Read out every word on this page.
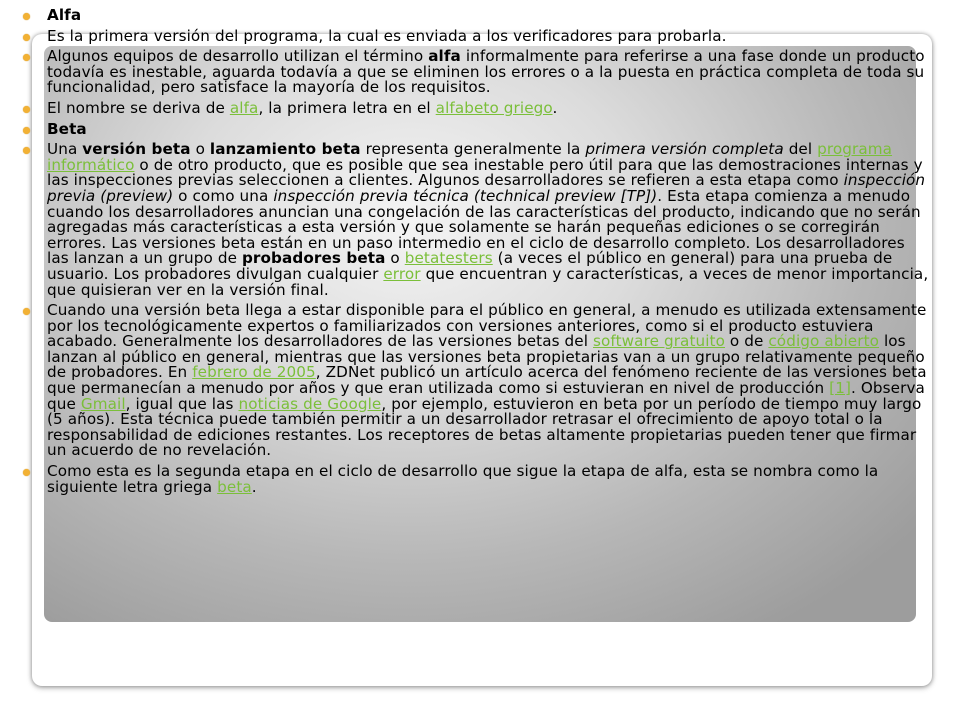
Alfa
Es la primera versión del programa, la cual es enviada a los verificadores para probarla.
Algunos equipos de desarrollo utilizan el término alfa informalmente para referirse a una fase donde un producto todavía es inestable, aguarda todavía a que se eliminen los errores o a la puesta en práctica completa de toda su funcionalidad, pero satisface la mayoría de los requisitos.
El nombre se deriva de alfa, la primera letra en el alfabeto griego.
Beta
Una versión beta o lanzamiento beta representa generalmente la primera versión completa del programa informático o de otro producto, que es posible que sea inestable pero útil para que las demostraciones internas y las inspecciones previas seleccionen a clientes. Algunos desarrolladores se refieren a esta etapa como inspección previa (preview) o como una inspección previa técnica (technical preview [TP]). Esta etapa comienza a menudo cuando los desarrolladores anuncian una congelación de las características del producto, indicando que no serán agregadas más características a esta versión y que solamente se harán pequeñas ediciones o se corregirán errores. Las versiones beta están en un paso intermedio en el ciclo de desarrollo completo. Los desarrolladores las lanzan a un grupo de probadores beta o betatesters (a veces el público en general) para una prueba de usuario. Los probadores divulgan cualquier error que encuentran y características, a veces de menor importancia, que quisieran ver en la versión final.
Cuando una versión beta llega a estar disponible para el público en general, a menudo es utilizada extensamente por los tecnológicamente expertos o familiarizados con versiones anteriores, como si el producto estuviera acabado. Generalmente los desarrolladores de las versiones betas del software gratuito o de código abierto los lanzan al público en general, mientras que las versiones beta propietarias van a un grupo relativamente pequeño de probadores. En febrero de 2005, ZDNet publicó un artículo acerca del fenómeno reciente de las versiones beta que permanecían a menudo por años y que eran utilizada como si estuvieran en nivel de producción [1]. Observa que Gmail, igual que las noticias de Google, por ejemplo, estuvieron en beta por un período de tiempo muy largo (5 años). Esta técnica puede también permitir a un desarrollador retrasar el ofrecimiento de apoyo total o la responsabilidad de ediciones restantes. Los receptores de betas altamente propietarias pueden tener que firmar un acuerdo de no revelación.
Como esta es la segunda etapa en el ciclo de desarrollo que sigue la etapa de alfa, esta se nombra como la siguiente letra griega beta.
